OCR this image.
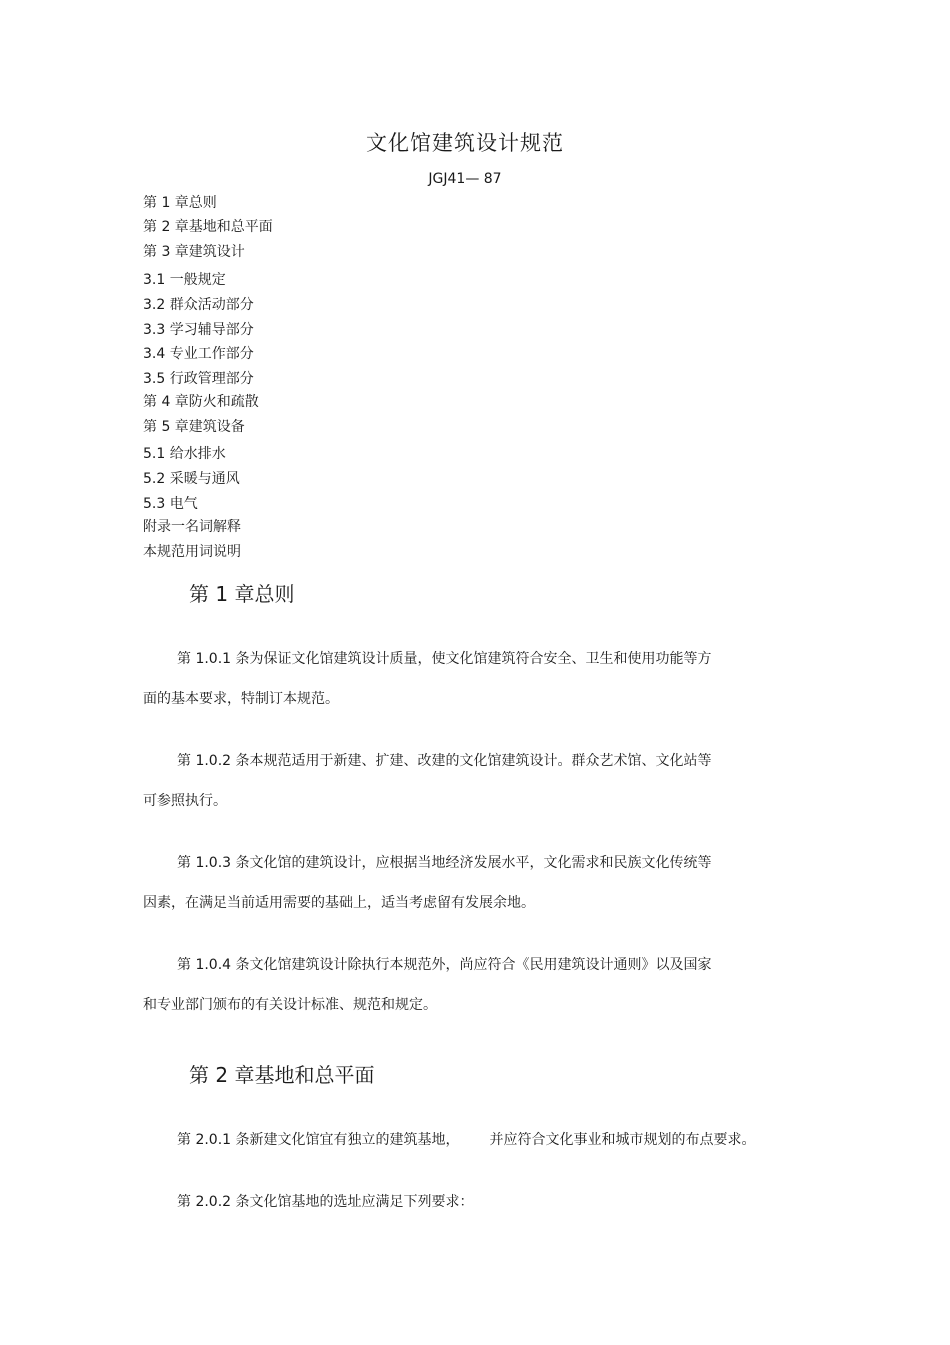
文化馆建筑设计规范
JGJ41— 87
第 1 章总则
第 2 章基地和总平面
第 3 章建筑设计
3.1 一般规定
3.2 群众活动部分
3.3 学习辅导部分
3.4 专业工作部分
3.5 行政管理部分
第 4 章防火和疏散
第 5 章建筑设备
5.1 给水排水
5.2 采暖与通风
5.3 电气
附录一名词解释
本规范用词说明
第 1 章总则
第 1.0.1 条为保证文化馆建筑设计质量，使文化馆建筑符合安全、卫生和使用功能等方
面的基本要求，特制订本规范。
第 1.0.2 条本规范适用于新建、扩建、改建的文化馆建筑设计。群众艺术馆、文化站等
可参照执行。
第 1.0.3 条文化馆的建筑设计，应根据当地经济发展水平，文化需求和民族文化传统等
因素，在满足当前适用需要的基础上，适当考虑留有发展余地。
第 1.0.4 条文化馆建筑设计除执行本规范外，尚应符合《民用建筑设计通则》以及国家
和专业部门颁布的有关设计标准、规范和规定。
第 2 章基地和总平面
第 2.0.1 条新建文化馆宜有独立的建筑基地， 并应符合文化事业和城市规划的布点要求。
第 2.0.2 条文化馆基地的选址应满足下列要求：
